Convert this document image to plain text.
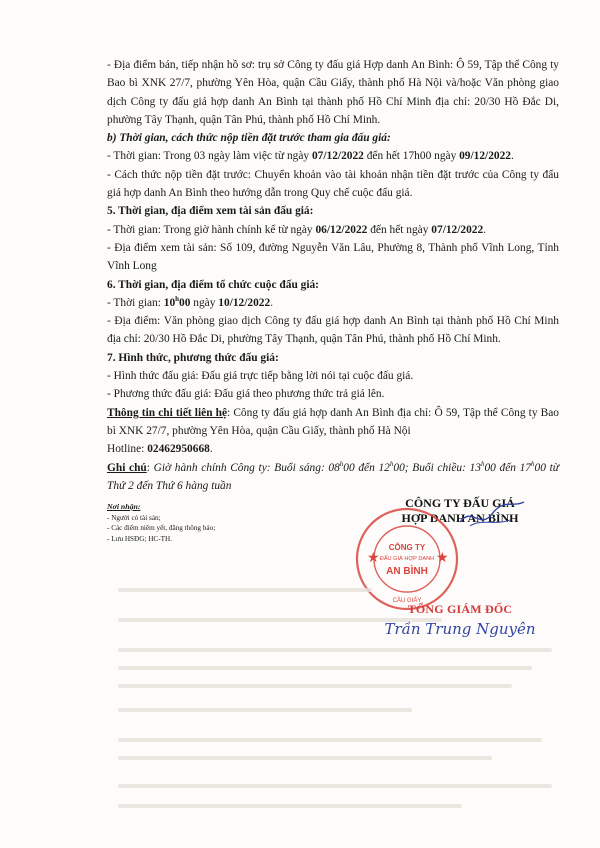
- Địa điểm bán, tiếp nhận hồ sơ: trụ sở Công ty đấu giá Hợp danh An Bình: Ô 59, Tập thể Công ty Bao bì XNK 27/7, phường Yên Hòa, quận Cầu Giấy, thành phố Hà Nội và/hoặc Văn phòng giao dịch Công ty đấu giá hợp danh An Bình tại thành phố Hồ Chí Minh địa chỉ: 20/30 Hồ Đắc Di, phường Tây Thạnh, quận Tân Phú, thành phố Hồ Chí Minh.

b) Thời gian, cách thức nộp tiền đặt trước tham gia đấu giá:

- Thời gian: Trong 03 ngày làm việc từ ngày 07/12/2022 đến hết 17h00 ngày 09/12/2022.

- Cách thức nộp tiền đặt trước: Chuyển khoản vào tài khoản nhận tiền đặt trước của Công ty đấu giá hợp danh An Bình theo hướng dẫn trong Quy chế cuộc đấu giá.

5. Thời gian, địa điểm xem tài sản đấu giá:

- Thời gian: Trong giờ hành chính kể từ ngày 06/12/2022 đến hết ngày 07/12/2022.

- Địa điểm xem tài sản: Số 109, đường Nguyễn Văn Lâu, Phường 8, Thành phố Vĩnh Long, Tỉnh Vĩnh Long

6. Thời gian, địa điểm tổ chức cuộc đấu giá:

- Thời gian: 10$^h$00 ngày 10/12/2022.

- Địa điểm: Văn phòng giao dịch Công ty đấu giá hợp danh An Bình tại thành phố Hồ Chí Minh địa chỉ: 20/30 Hồ Đắc Di, phường Tây Thạnh, quận Tân Phú, thành phố Hồ Chí Minh.

7. Hình thức, phương thức đấu giá:

- Hình thức đấu giá: Đấu giá trực tiếp bằng lời nói tại cuộc đấu giá.

- Phương thức đấu giá: Đấu giá theo phương thức trả giá lên.

Thông tin chi tiết liên hệ: Công ty đấu giá hợp danh An Bình địa chỉ: Ô 59, Tập thể Công ty Bao bì XNK 27/7, phường Yên Hòa, quận Cầu Giấy, thành phố Hà Nội

Hotline: 02462950668.

Ghi chú: Giờ hành chính Công ty: Buổi sáng: 08$^h$00 đến 12$^h$00; Buổi chiều: 13$^h$00 đến 17$^h$00 từ Thứ 2 đến Thứ 6 hàng tuần

Nơi nhận:
- Người có tài sản;
- Các điểm niêm yết, đăng thông báo;
- Lưu HSĐG; HC-TH.
CÔNG TY ĐẤU GIÁ
HỢP DANH AN BÌNH
CÔNG TY
ĐẤU GIÁ HỢP DANH
AN BÌNH
CẦU GIẤY
★	★
TỔNG GIÁM ĐỐC
Trần Trung Nguyên
